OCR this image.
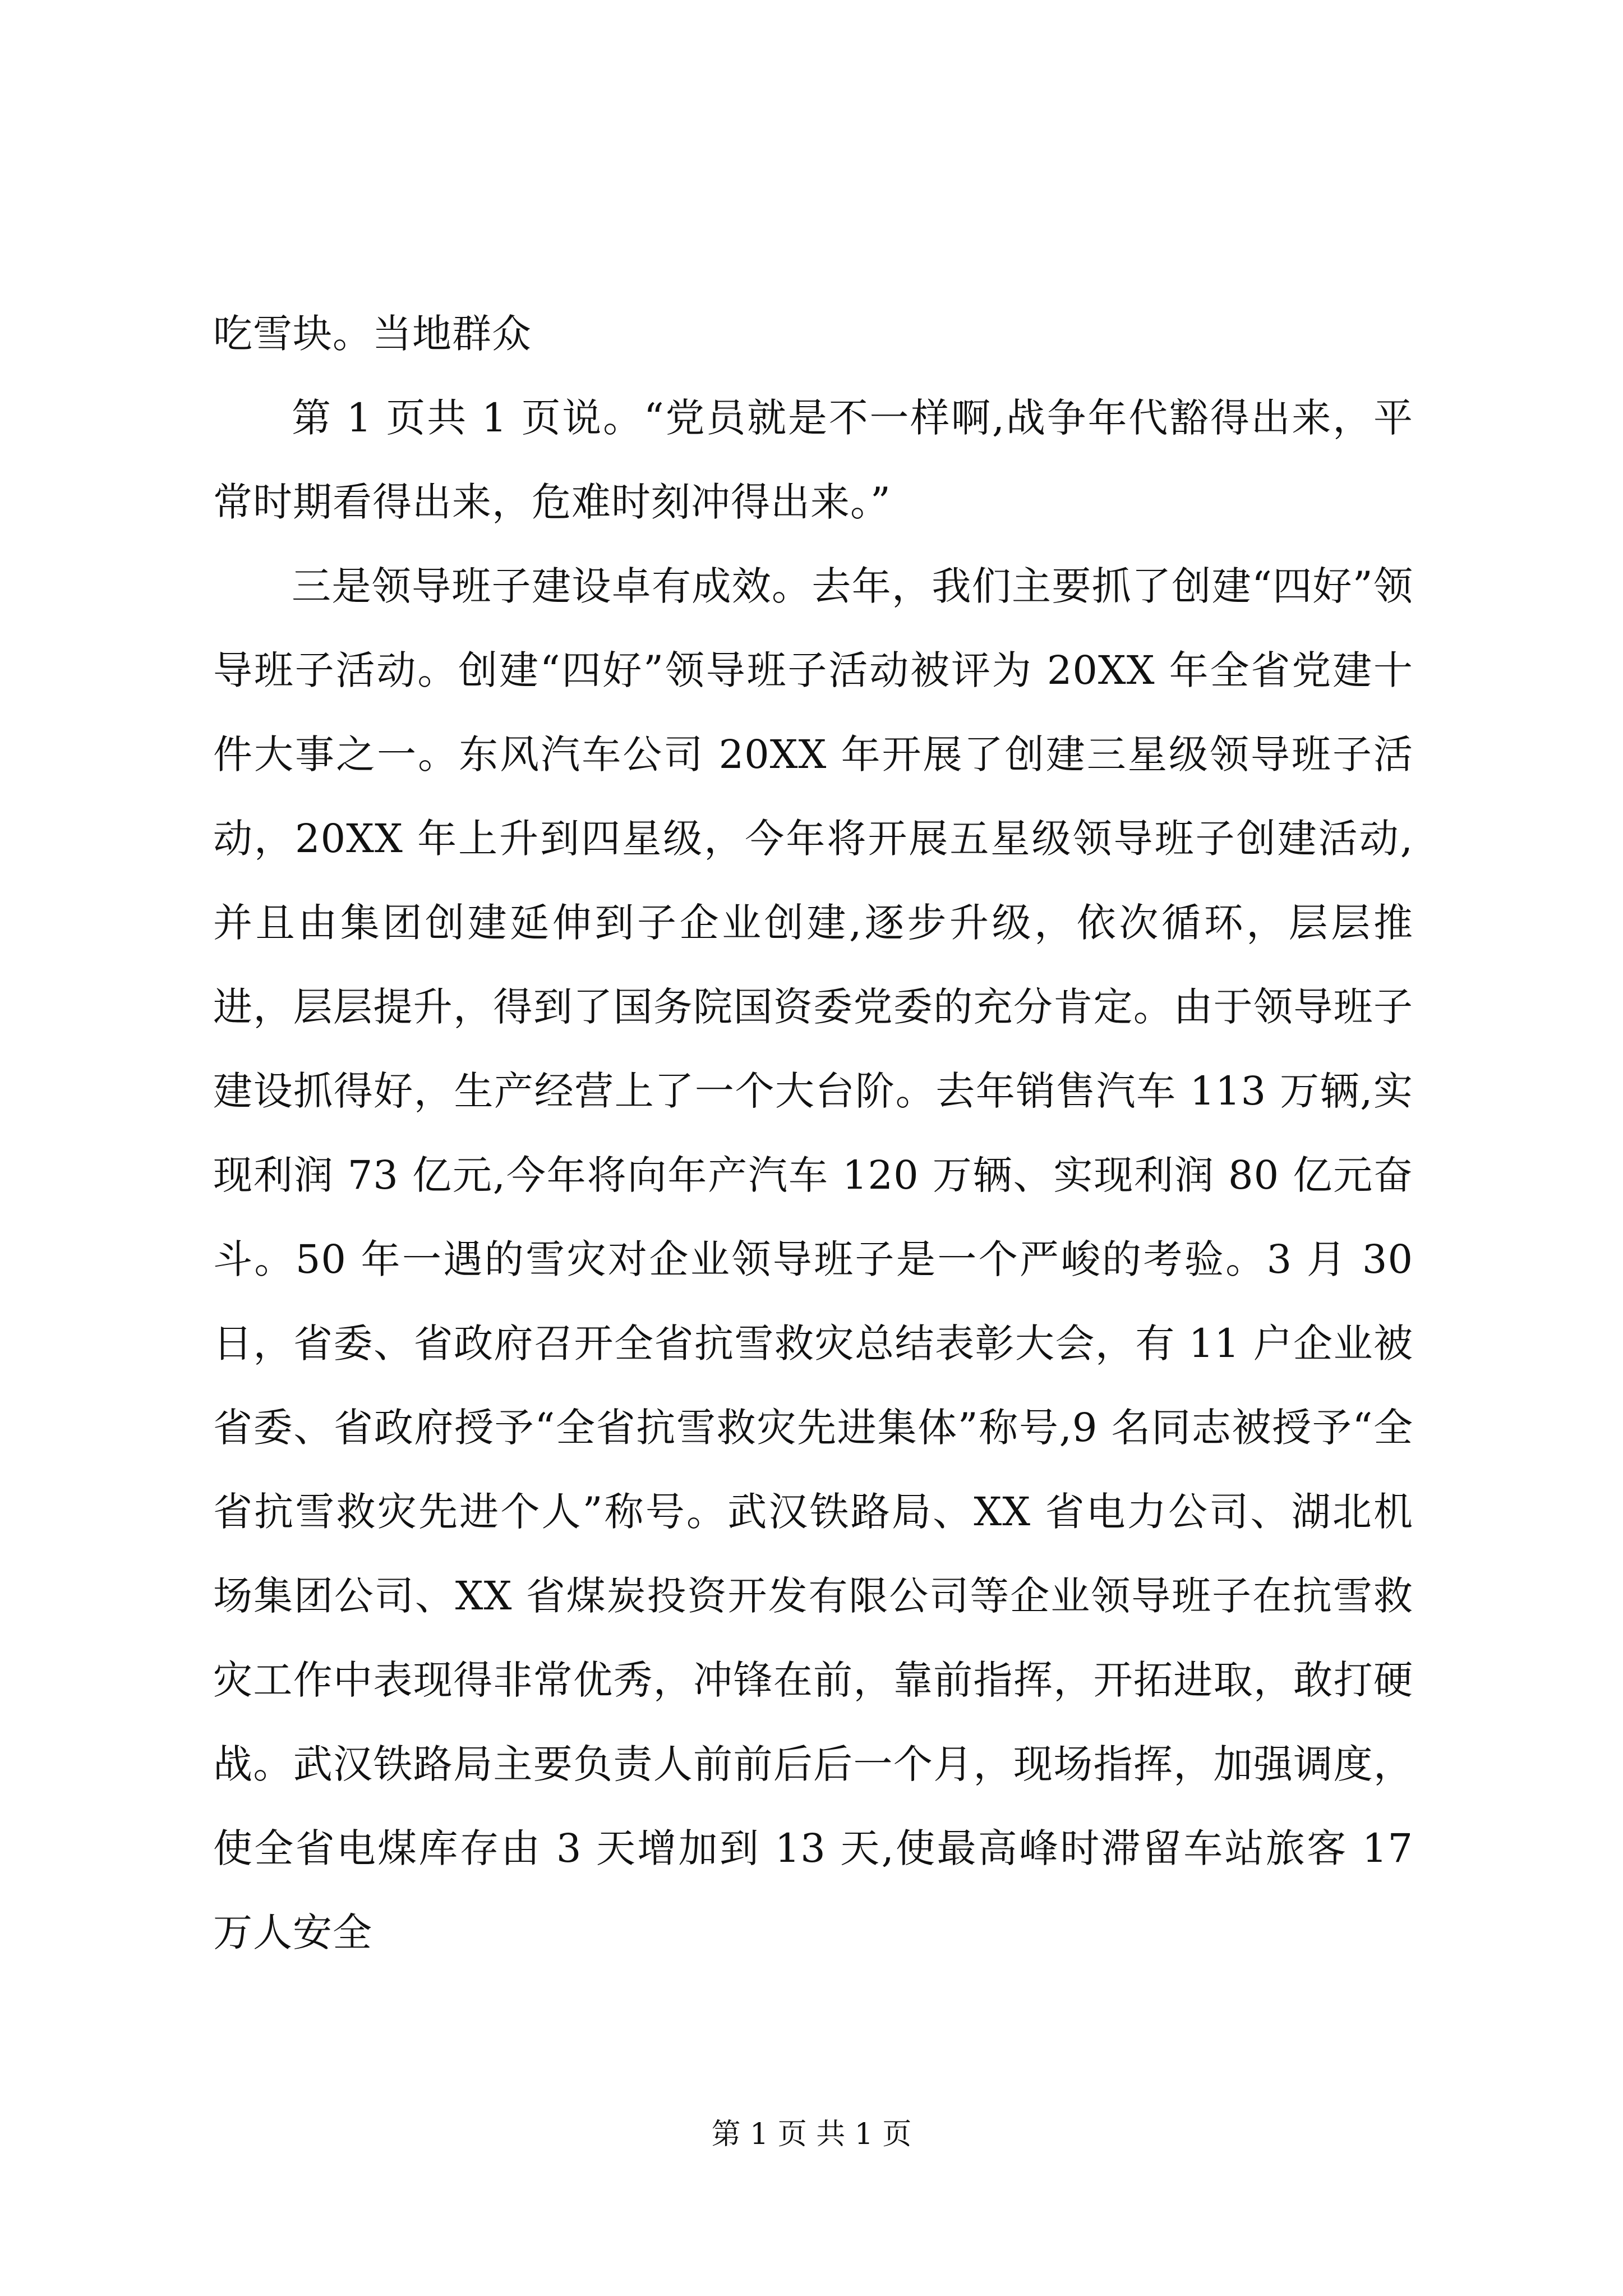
吃雪块。当地群众

第 1 页共 1 页说。“党员就是不一样啊,战争年代豁得出来，平常时期看得出来，危难时刻冲得出来。”

三是领导班子建设卓有成效。去年，我们主要抓了创建“四好”领导班子活动。创建“四好”领导班子活动被评为 20XX 年全省党建十件大事之一。东风汽车公司 20XX 年开展了创建三星级领导班子活动，20XX 年上升到四星级，今年将开展五星级领导班子创建活动,并且由集团创建延伸到子企业创建,逐步升级，依次循环，层层推进，层层提升，得到了国务院国资委党委的充分肯定。由于领导班子建设抓得好，生产经营上了一个大台阶。去年销售汽车 113 万辆,实现利润 73 亿元,今年将向年产汽车 120 万辆、实现利润 80 亿元奋斗。50 年一遇的雪灾对企业领导班子是一个严峻的考验。3 月 30 日，省委、省政府召开全省抗雪救灾总结表彰大会，有 11 户企业被省委、省政府授予“全省抗雪救灾先进集体”称号,9 名同志被授予“全省抗雪救灾先进个人”称号。武汉铁路局、XX 省电力公司、湖北机场集团公司、XX 省煤炭投资开发有限公司等企业领导班子在抗雪救灾工作中表现得非常优秀，冲锋在前，靠前指挥，开拓进取，敢打硬战。武汉铁路局主要负责人前前后后一个月，现场指挥，加强调度，使全省电煤库存由 3 天增加到 13 天,使最高峰时滞留车站旅客 17 万人安全

第 1 页 共 1 页
